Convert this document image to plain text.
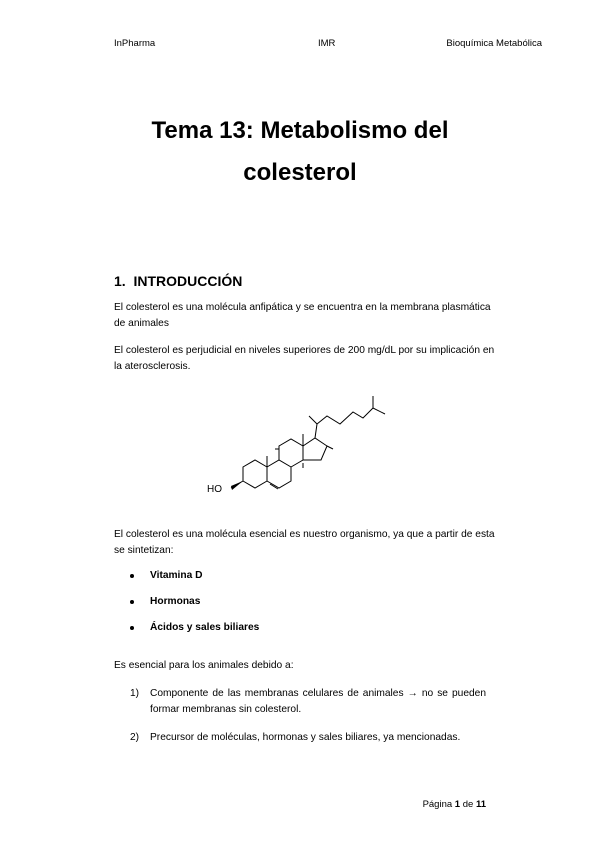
InPharma	IMR	Bioquímica Metabólica
Tema 13: Metabolismo del
colesterol
1. INTRODUCCIÓN
El colesterol es una molécula anfipática y se encuentra en la membrana plasmática de animales
El colesterol es perjudicial en niveles superiores de 200 mg/dL por su implicación en la aterosclerosis.
HO
El colesterol es una molécula esencial es nuestro organismo, ya que a partir de esta se sintetizan:
Vitamina D
Hormonas
Ácidos y sales biliares
Es esencial para los animales debido a:
1) Componente de las membranas celulares de animales → no se pueden formar membranas sin colesterol.
2) Precursor de moléculas, hormonas y sales biliares, ya mencionadas.
Página 1 de 11
